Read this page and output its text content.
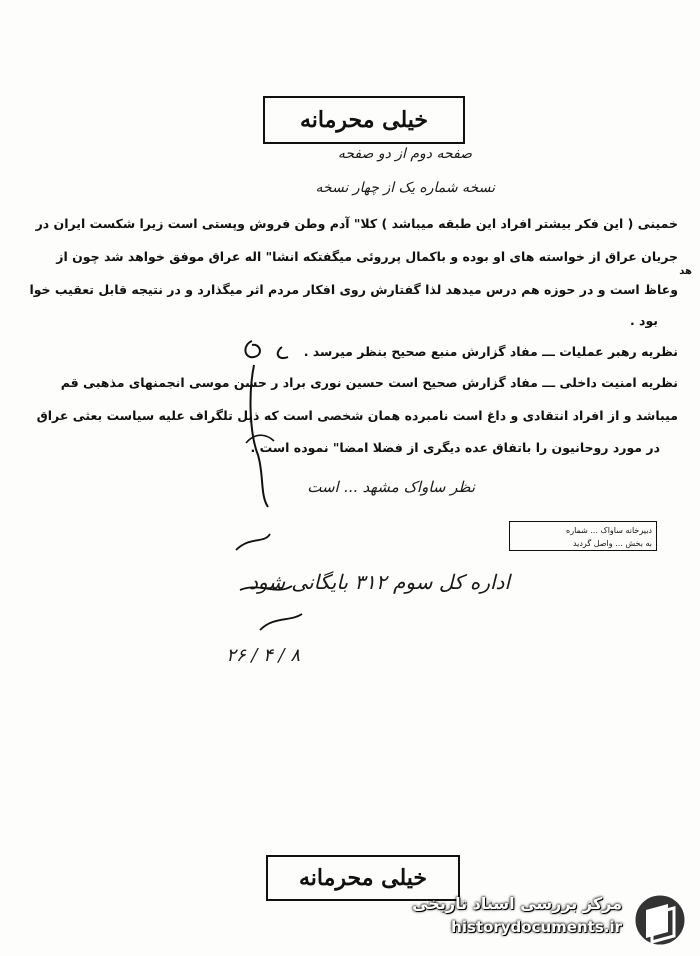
خیلی محرمانه
صفحه دوم از دو صفحه
نسخه شماره یک از چهار نسخه
خمینی ( این فکر بیشتر افراد این طبقه میباشد ) کلا" آدم وطن فروش وپستی است زیرا شکست ایران در
جریان عراق از خواسته های او بوده و باکمال پرروئی میگفتکه انشا" اله عراق موفق خواهد شد چون از
هد
وعاظ است و در حوزه هم درس میدهد لذا گفتارش روی افکار مردم اثر میگذارد و در نتیجه قابل تعقیب خوا
بود .
نظریه رهبر عملیات ـــ مفاد گزارش منبع صحیح بنظر میرسد .
نظریه امنیت داخلی ـــ مفاد گزارش صحیح است حسین نوری براد ر حسن موسی انجمنهای مذهبی قم
میباشد و از افراد انتقادی و داغ است نامبرده همان شخصی است که ذیل تلگراف علیه سیاست بعثی عراق
در مورد روحانیون را باتفاق عده دیگری از فضلا امضا" نموده است .
نظر ساواک مشهد ... است
دبیرخانه ساواک ... شماره
به بخش ... واصل گردید
اداره کل سوم ۳۱۲ بایگانی شود
۸ / ۴ / ۲۶
خیلی محرمانه
مرکز بررسی اسناد تاریخی
historydocuments.ir
